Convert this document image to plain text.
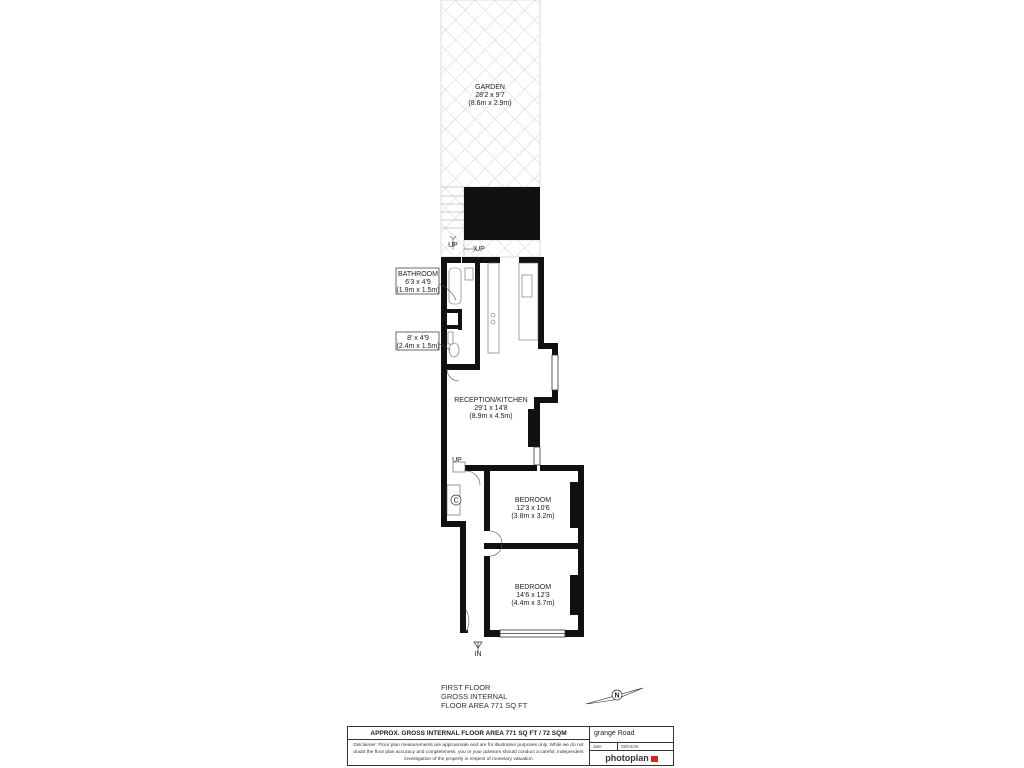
C
UP
UP
UP
IN
GARDEN
28'2 x 9'7
(8.6m x 2.9m)
BATHROOM
6'3 x 4'9
(1.9m x 1.5m)
8' x 4'9
(2.4m x 1.5m)
RECEPTION/KITCHEN
29'1 x 14'8
(8.9m x 4.5m)
BEDROOM
12'3 x 10'6
(3.8m x 3.2m)
BEDROOM
14'6 x 12'3
(4.4m x 3.7m)
N
FIRST FLOOR
GROSS INTERNAL
FLOOR AREA 771 SQ FT
APPROX. GROSS INTERNAL FLOOR AREA 771 SQ FT / 72 SQM
Disclaimer: Floor plan measurements are approximate and are for illustrative purposes only. While we do not doubt the floor plan accuracy and completeness, you or your advisors should conduct a careful, independent investigation of the property in respect of monetary valuation
grange Road
date	08/04/25
photoplan
